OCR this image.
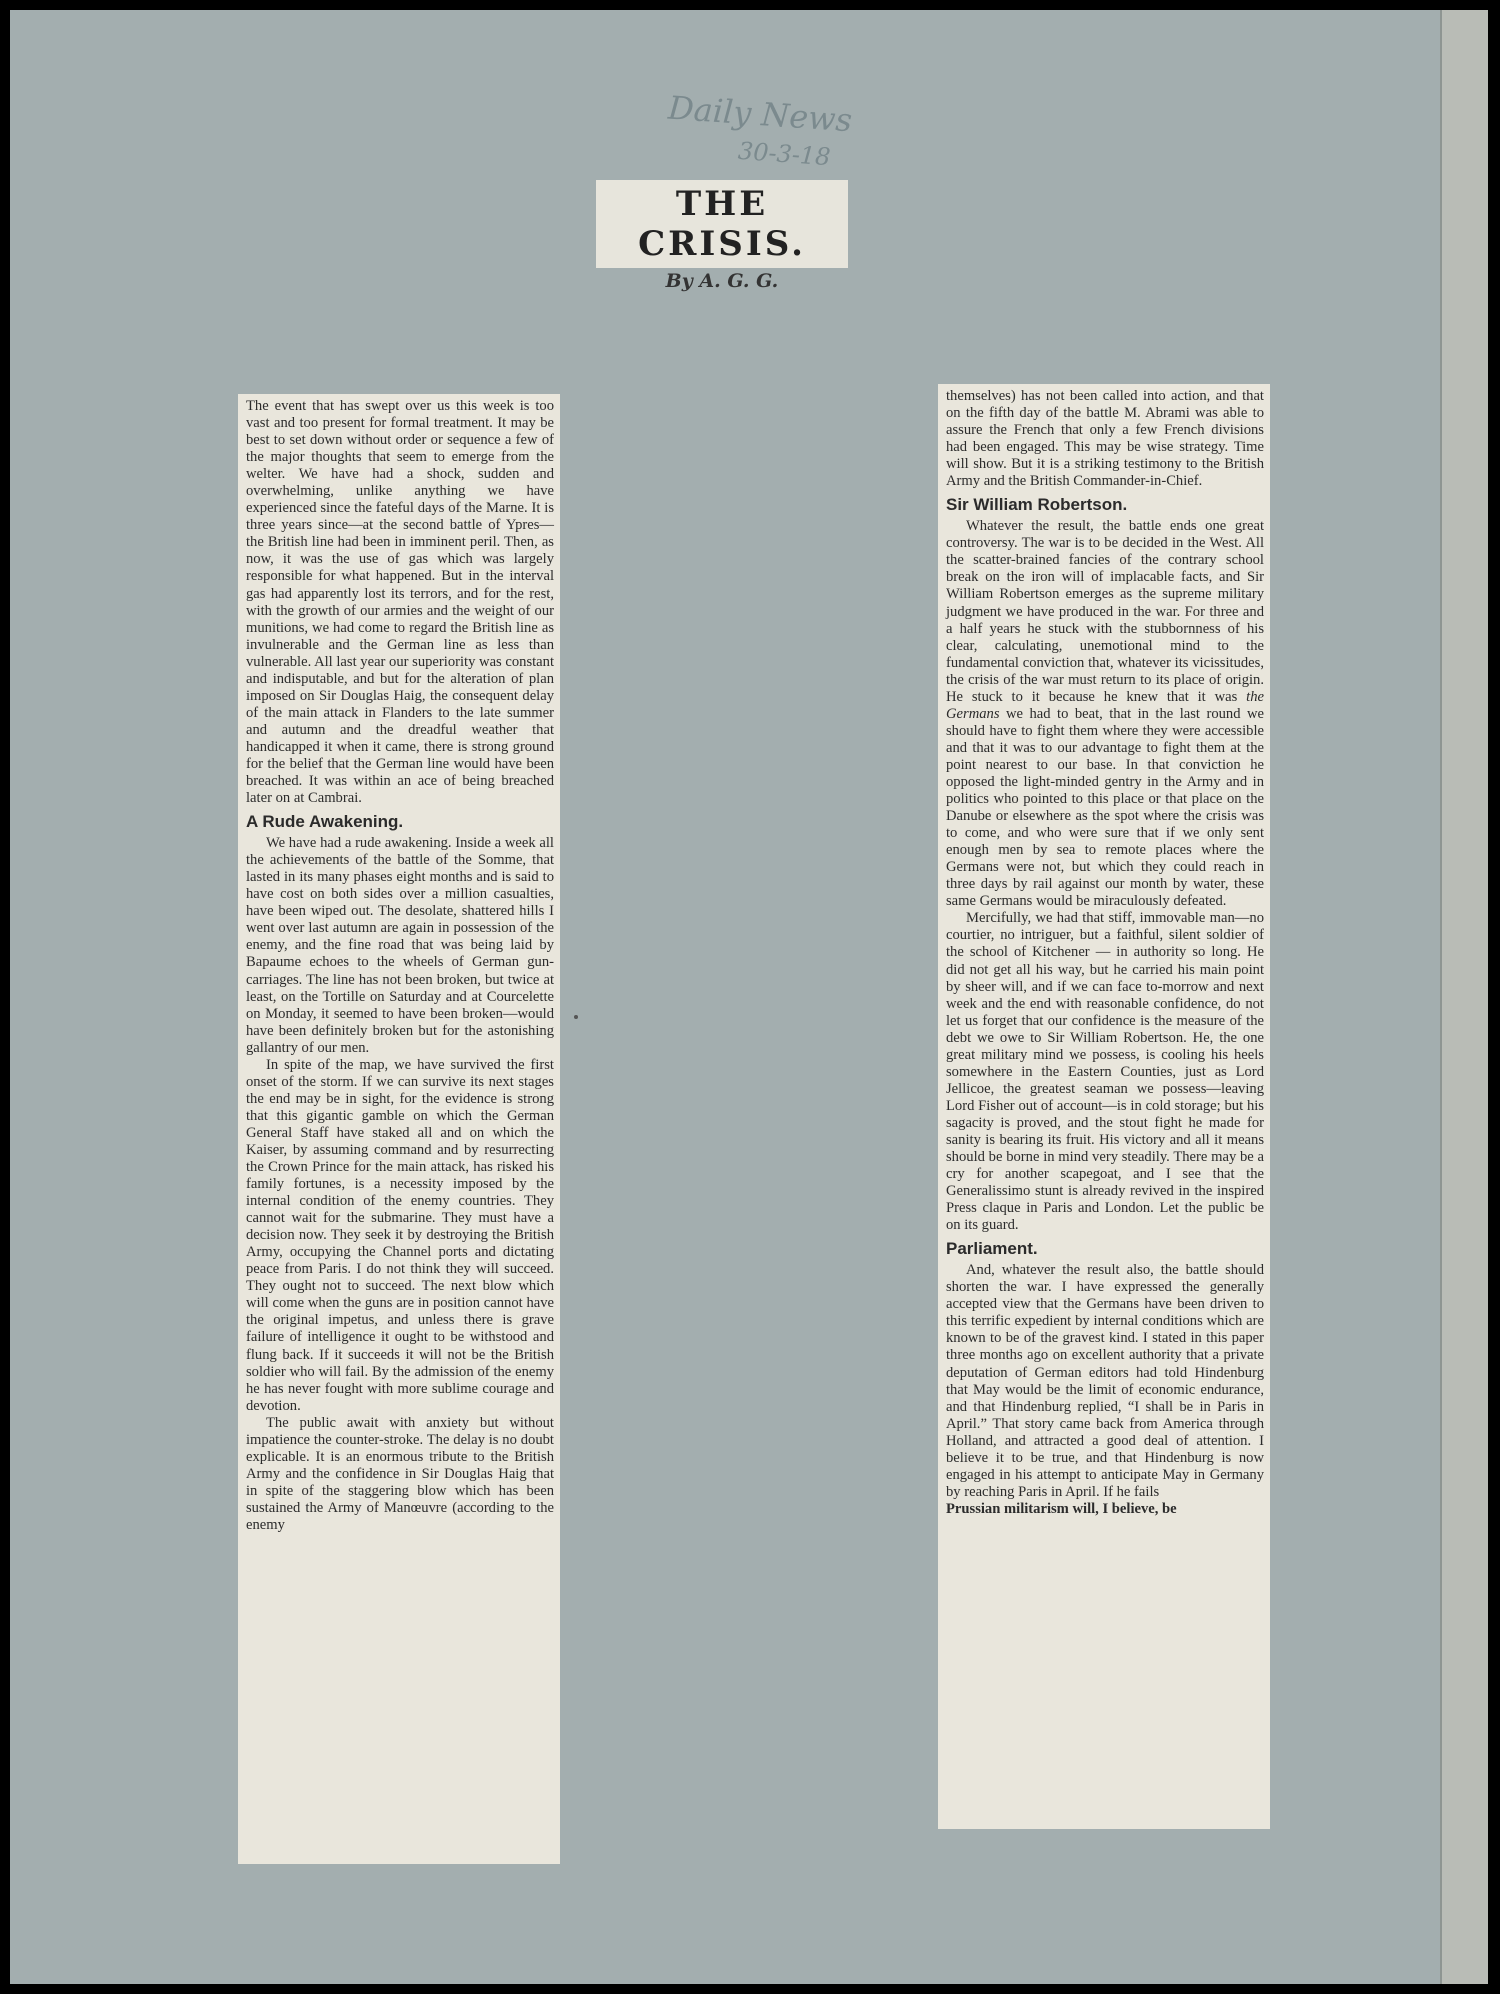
Daily News
30-3-18
THE CRISIS.
By A. G. G.

The event that has swept over us this week is too vast and too present for formal treatment. It may be best to set down without order or sequence a few of the major thoughts that seem to emerge from the welter. We have had a shock, sudden and overwhelming, unlike anything we have experienced since the fateful days of the Marne. It is three years since—at the second battle of Ypres—the British line had been in imminent peril. Then, as now, it was the use of gas which was largely responsible for what happened. But in the interval gas had apparently lost its terrors, and for the rest, with the growth of our armies and the weight of our munitions, we had come to regard the British line as invulnerable and the German line as less than vulnerable. All last year our superiority was constant and indisputable, and but for the alteration of plan imposed on Sir Douglas Haig, the consequent delay of the main attack in Flanders to the late summer and autumn and the dreadful weather that handicapped it when it came, there is strong ground for the belief that the German line would have been breached. It was within an ace of being breached later on at Cambrai.

A Rude Awakening.

We have had a rude awakening. Inside a week all the achievements of the battle of the Somme, that lasted in its many phases eight months and is said to have cost on both sides over a million casualties, have been wiped out. The desolate, shattered hills I went over last autumn are again in possession of the enemy, and the fine road that was being laid by Bapaume echoes to the wheels of German gun-carriages. The line has not been broken, but twice at least, on the Tortille on Saturday and at Courcelette on Monday, it seemed to have been broken—would have been definitely broken but for the astonishing gallantry of our men.

In spite of the map, we have survived the first onset of the storm. If we can survive its next stages the end may be in sight, for the evidence is strong that this gigantic gamble on which the German General Staff have staked all and on which the Kaiser, by assuming command and by resurrecting the Crown Prince for the main attack, has risked his family fortunes, is a necessity imposed by the internal condition of the enemy countries. They cannot wait for the submarine. They must have a decision now. They seek it by destroying the British Army, occupying the Channel ports and dictating peace from Paris. I do not think they will succeed. They ought not to succeed. The next blow which will come when the guns are in position cannot have the original impetus, and unless there is grave failure of intelligence it ought to be withstood and flung back. If it succeeds it will not be the British soldier who will fail. By the admission of the enemy he has never fought with more sublime courage and devotion.

The public await with anxiety but without impatience the counter-stroke. The delay is no doubt explicable. It is an enormous tribute to the British Army and the confidence in Sir Douglas Haig that in spite of the staggering blow which has been sustained the Army of Manœuvre (according to the enemy

themselves) has not been called into action, and that on the fifth day of the battle M. Abrami was able to assure the French that only a few French divisions had been engaged. This may be wise strategy. Time will show. But it is a striking testimony to the British Army and the British Commander-in-Chief.

Sir William Robertson.

Whatever the result, the battle ends one great controversy. The war is to be decided in the West. All the scatter-brained fancies of the contrary school break on the iron will of implacable facts, and Sir William Robertson emerges as the supreme military judgment we have produced in the war. For three and a half years he stuck with the stubbornness of his clear, calculating, unemotional mind to the fundamental conviction that, whatever its vicissitudes, the crisis of the war must return to its place of origin. He stuck to it because he knew that it was the Germans we had to beat, that in the last round we should have to fight them where they were accessible and that it was to our advantage to fight them at the point nearest to our base. In that conviction he opposed the light-minded gentry in the Army and in politics who pointed to this place or that place on the Danube or elsewhere as the spot where the crisis was to come, and who were sure that if we only sent enough men by sea to remote places where the Germans were not, but which they could reach in three days by rail against our month by water, these same Germans would be miraculously defeated.

Mercifully, we had that stiff, immovable man—no courtier, no intriguer, but a faithful, silent soldier of the school of Kitchener — in authority so long. He did not get all his way, but he carried his main point by sheer will, and if we can face to-morrow and next week and the end with reasonable confidence, do not let us forget that our confidence is the measure of the debt we owe to Sir William Robertson. He, the one great military mind we possess, is cooling his heels somewhere in the Eastern Counties, just as Lord Jellicoe, the greatest seaman we possess—leaving Lord Fisher out of account—is in cold storage; but his sagacity is proved, and the stout fight he made for sanity is bearing its fruit. His victory and all it means should be borne in mind very steadily. There may be a cry for another scapegoat, and I see that the Generalissimo stunt is already revived in the inspired Press claque in Paris and London. Let the public be on its guard.

Parliament.

And, whatever the result also, the battle should shorten the war. I have expressed the generally accepted view that the Germans have been driven to this terrific expedient by internal conditions which are known to be of the gravest kind. I stated in this paper three months ago on excellent authority that a private deputation of German editors had told Hindenburg that May would be the limit of economic endurance, and that Hindenburg replied, “I shall be in Paris in April.” That story came back from America through Holland, and attracted a good deal of attention. I believe it to be true, and that Hindenburg is now engaged in his attempt to anticipate May in Germany by reaching Paris in April. If he fails

Prussian militarism will, I believe, be
